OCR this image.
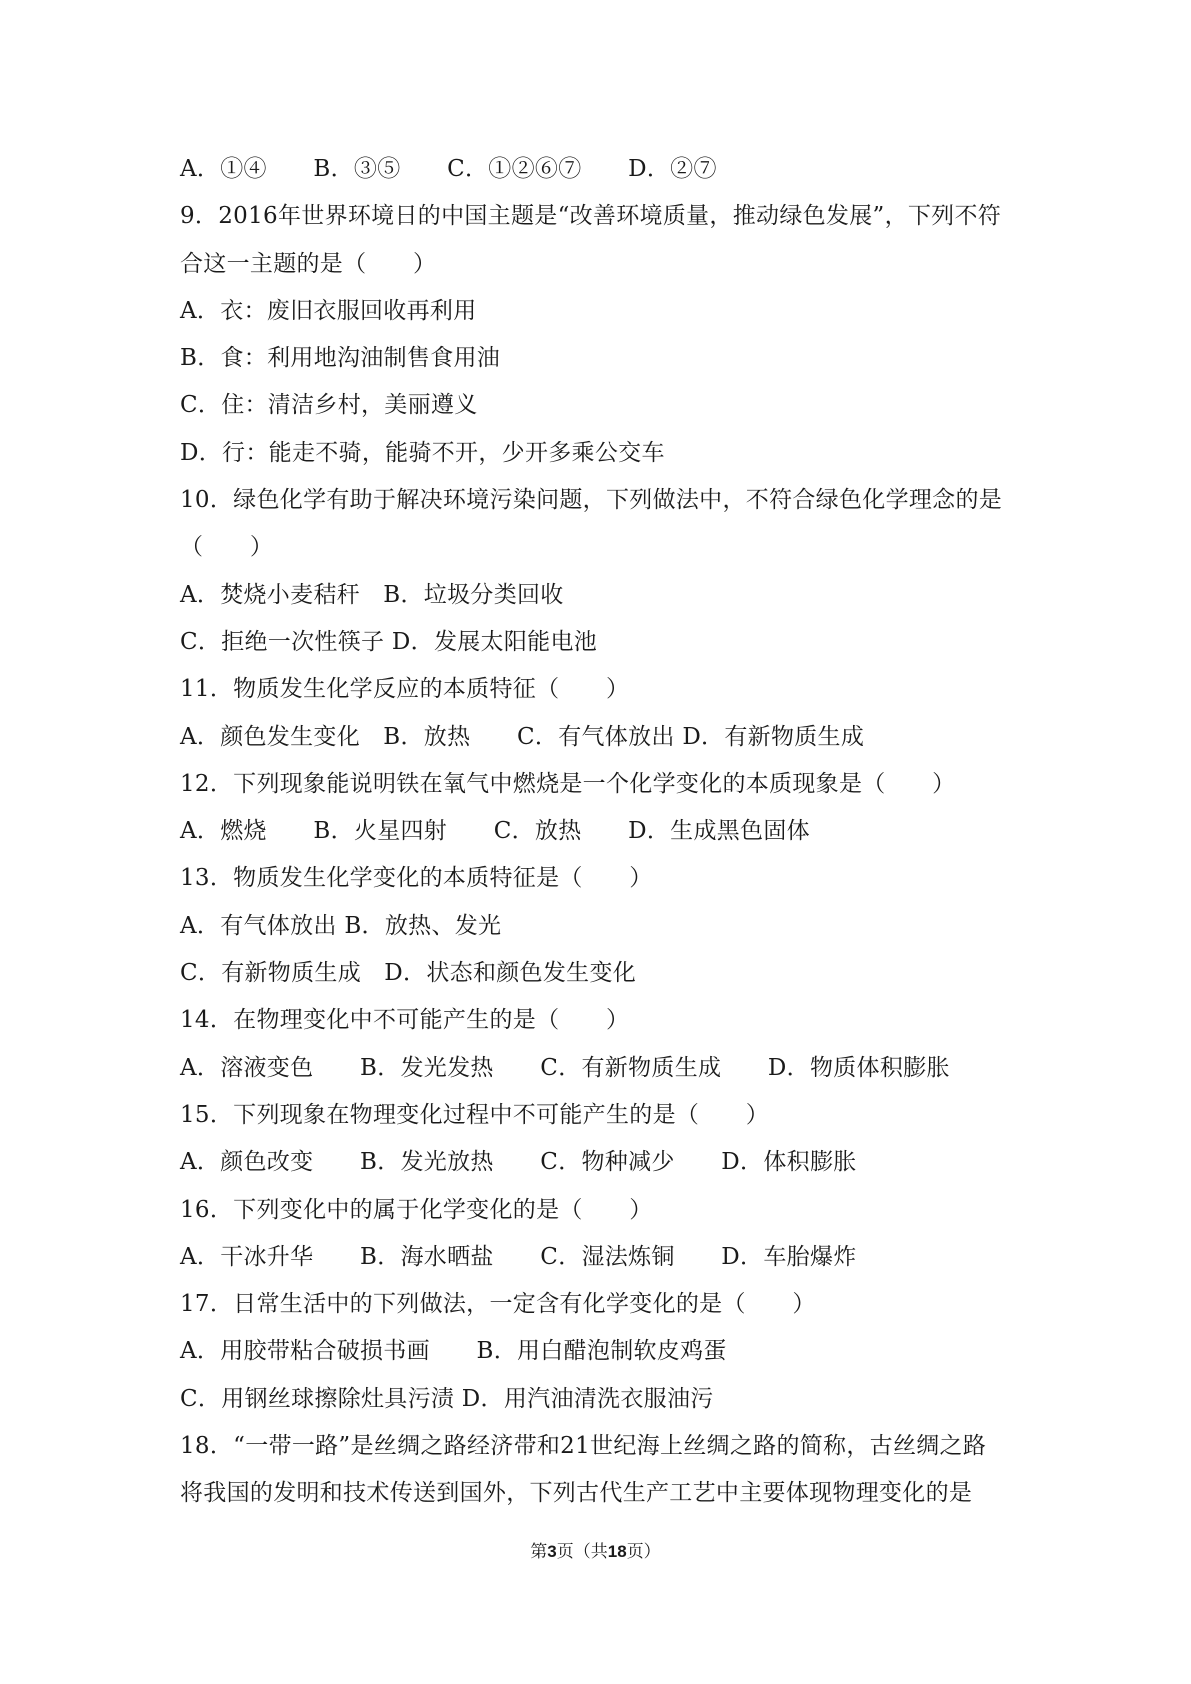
A．①④　　B．③⑤　　C．①②⑥⑦　　D．②⑦
9．2016年世界环境日的中国主题是“改善环境质量，推动绿色发展”，下列不符
合这一主题的是（　　）
A．衣：废旧衣服回收再利用
B．食：利用地沟油制售食用油
C．住：清洁乡村，美丽遵义
D．行：能走不骑，能骑不开，少开多乘公交车
10．绿色化学有助于解决环境污染问题，下列做法中，不符合绿色化学理念的是
（　　）
A．焚烧小麦秸秆　B．垃圾分类回收
C．拒绝一次性筷子 D．发展太阳能电池
11．物质发生化学反应的本质特征（　　）
A．颜色发生变化　B．放热　　C．有气体放出 D．有新物质生成
12．下列现象能说明铁在氧气中燃烧是一个化学变化的本质现象是（　　）
A．燃烧　　B．火星四射　　C．放热　　D．生成黑色固体
13．物质发生化学变化的本质特征是（　　）
A．有气体放出 B．放热、发光
C．有新物质生成　D．状态和颜色发生变化
14．在物理变化中不可能产生的是（　　）
A．溶液变色　　B．发光发热　　C．有新物质生成　　D．物质体积膨胀
15．下列现象在物理变化过程中不可能产生的是（　　）
A．颜色改变　　B．发光放热　　C．物种减少　　D．体积膨胀
16．下列变化中的属于化学变化的是（　　）
A．干冰升华　　B．海水晒盐　　C．湿法炼铜　　D．车胎爆炸
17．日常生活中的下列做法，一定含有化学变化的是（　　）
A．用胶带粘合破损书画　　B．用白醋泡制软皮鸡蛋
C．用钢丝球擦除灶具污渍 D．用汽油清洗衣服油污
18．“一带一路”是丝绸之路经济带和21世纪海上丝绸之路的简称，古丝绸之路
将我国的发明和技术传送到国外，下列古代生产工艺中主要体现物理变化的是
第3页（共18页）
